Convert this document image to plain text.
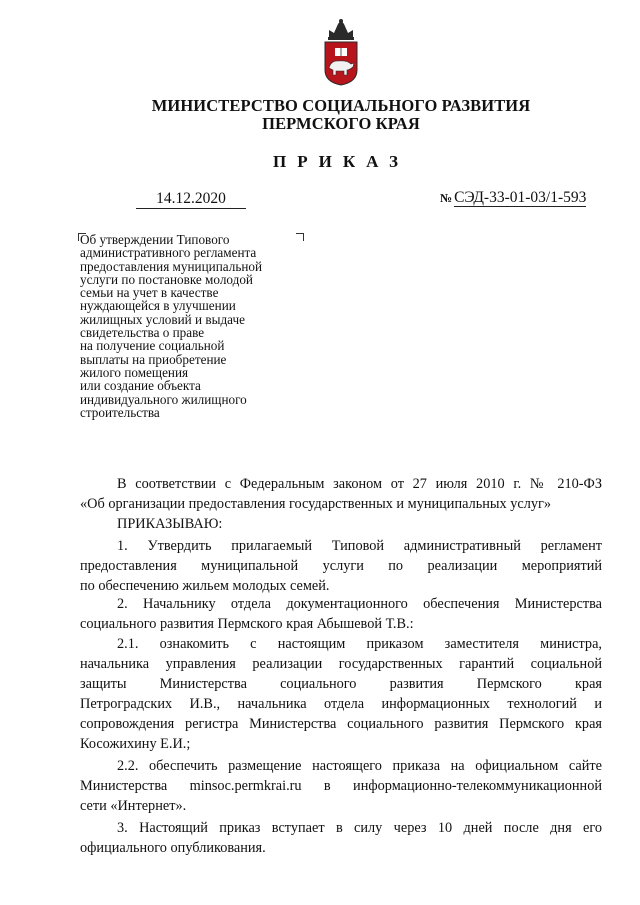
МИНИСТЕРСТВО СОЦИАЛЬНОГО РАЗВИТИЯ
ПЕРМСКОГО КРАЯ
ПРИКАЗ
14.12.2020	№ СЭД-33-01-03/1-593
Об утверждении Типового
административного регламента
предоставления муниципальной
услуги по постановке молодой
семьи на учет в качестве
нуждающейся в улучшении
жилищных условий и выдаче
свидетельства о праве
на получение социальной
выплаты на приобретение
жилого помещения
или создание объекта
индивидуального жилищного
строительства

В соответствии с Федеральным законом от 27 июля 2010 г. № 210-ФЗ

«Об организации предоставления государственных и муниципальных услуг»

ПРИКАЗЫВАЮ:

1. Утвердить прилагаемый Типовой административный регламент

предоставления муниципальной услуги по реализации мероприятий

по обеспечению жильем молодых семей.

2. Начальнику отдела документационного обеспечения Министерства

социального развития Пермского края Абышевой Т.В.:

2.1. ознакомить с настоящим приказом заместителя министра,

начальника управления реализации государственных гарантий социальной

защиты Министерства социального развития Пермского края

Петроградских И.В., начальника отдела информационных технологий и

сопровождения регистра Министерства социального развития Пермского края

Косожихину Е.И.;

2.2. обеспечить размещение настоящего приказа на официальном сайте

Министерства minsoc.permkrai.ru в информационно-телекоммуникационной

сети «Интернет».

3. Настоящий приказ вступает в силу через 10 дней после дня его

официального опубликования.
